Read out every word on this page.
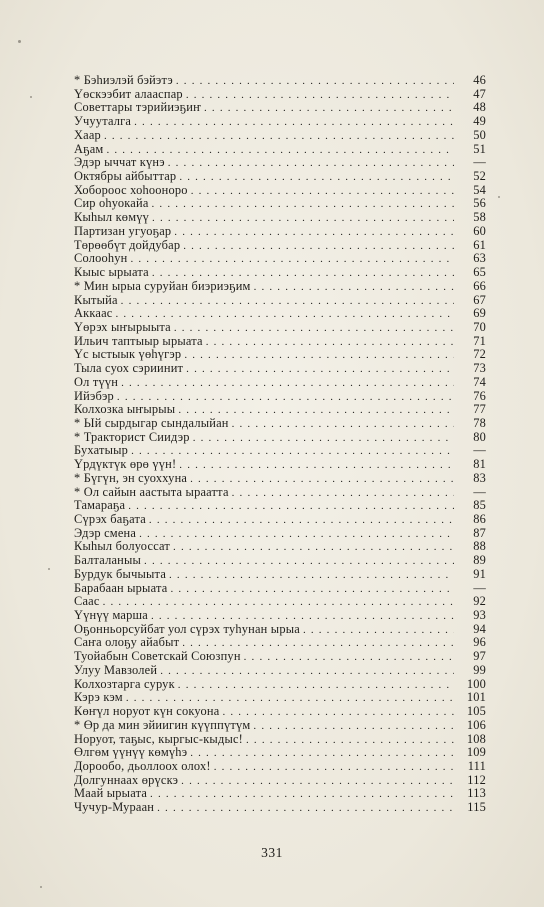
* Бэһиэлэй бэйэтэ . . .	46
Үөскээбит алааспар . . .	47
Советтары тэрийиэҕиҥ . . .	48
Учууталга . . .	49
Хаар . . .	50
Аҕам . . .	51
Эдэр ыччат күнэ . . .	—
Октябры айбыттар . . .	52
Хобороос хоһооноро . . .	54
Сир оһуокайа . . .	56
Кыһыл көмүү . . .	58
Партизан угуоҕар . . .	60
Төрөөбүт дойдубар . . .	61
Солооһун . . .	63
Кыыс ырыата . . .	65
* Мин ырыа суруйан биэриэҕим . . .	66
Кытыйа . . .	67
Аккаас . . .	69
Үөрэх ыҥырыыта . . .	70
Ильич таптыыр ырыата . . .	71
Үс ыстыык үөһүгэр . . .	72
Тыла суох сэриинит . . .	73
Ол түүн . . .	74
Ийэбэр . . .	76
Колхозка ыҥырыы . . .	77
* Ый сырдыгар сындалыйан . . .	78
* Тракторист Сиидэр . . .	80
Бухатыыр . . .	—
Үрдүктүк өрө үүн! . . .	81
* Бүгүн, эн суоххуна . . .	83
* Ол сайын аастыта ыраатта . . .	—
Тамараҕа . . .	85
Сүрэх баҕата . . .	86
Эдэр смена . . .	87
Кыһыл болуоссат . . .	88
Балталаныы . . .	89
Бурдук бычыыта . . .	91
Барабаан ырыата . . .	—
Саас . . .	92
Үүнүү марша . . .	93
Оҕонньорсуйбат уол сүрэх туһунан ырыа . . .	94
Саҥа олоҕу айабыт . . .	96
Туойабын Советскай Союзпун . . .	97
Улуу Мавзолей . . .	99
Колхозтарга сурук . . .	100
Кэрэ кэм . . .	101
Көҥүл норуот күн сокуона . . .	105
* Өр да мин эйиигин күүппүтүм . . .	106
Норуот, таҕыс, кыргыс-кыдыс! . . .	108
Өлгөм үүнүү көмүһэ . . .	109
Дорообо, дьоллоох олох! . . .	111
Долгуннаах өрүскэ . . .	112
Маай ырыата . . .	113
Чучур-Мураан . . .	115
331
